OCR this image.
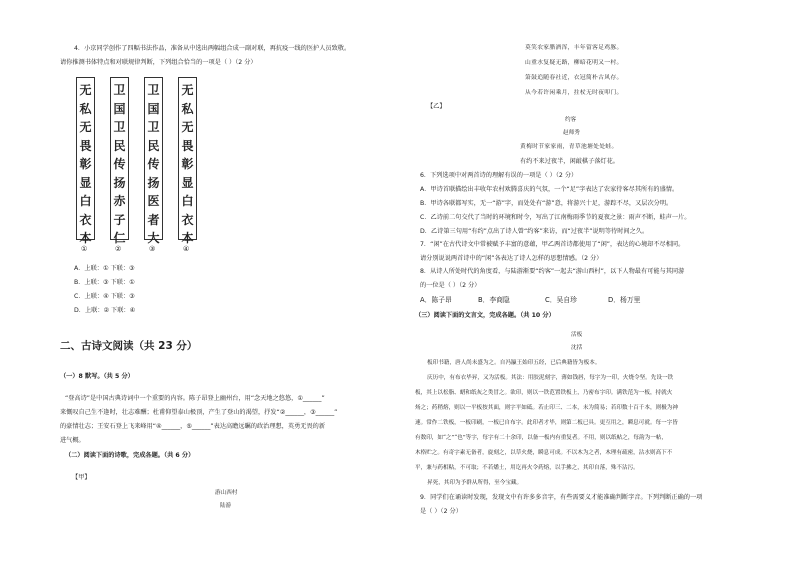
4．小京同学创作了四幅书法作品，准备从中选出两幅组合成一副对联，再抗疫一线的医护人员致敬。
请你推测书体特点和对联规律判断，下列组合恰当的一项是（ ）（2 分）
无
私
无
畏
彰
显
白
衣
本
卫
国
卫
民
传
扬
赤
子
仁
卫
国
卫
民
传
扬
医
者
大
无
私
无
畏
彰
显
白
衣
本
①	②	③	④
A．上联：① 下联：③
B．上联：③ 下联：①
C．上联：④ 下联：③
D．上联：② 下联：④
二、古诗文阅读（共 23 分）
（一）8 默写。（共 5 分）
“登高诗”是中国古典诗词中一个重要的内容。陈子昂登上幽州台，用“念天地之悠悠，①______”
来慨叹自己生不逢时，壮志难酬；杜甫仰望泰山极顶，产生了登山的渴望，抒发“②______，③______”
的豪情壮志；王安石登上飞来峰用“④______，⑤______”表达高瞻远瞩的政治理想，英勇无畏的新
进气概。
（二）阅读下面的诗歌，完成各题。（共 6 分）
【甲】
游山西村
陆游
莫笑农家腊酒浑，丰年留客足鸡豚。
山重水复疑无路，柳暗花明又一村。
箫鼓追随春社近，衣冠简朴古风存。
从今若许闲乘月，拄杖无时夜叩门。
【乙】
约客
赵师秀
黄梅时节家家雨，青草池塘处处蛙。
有约不来过夜半，闲敲棋子落灯花。
6．下列选项中对两首诗的理解有误的一项是（ ）（2 分）
A．甲诗首联描绘出丰收年农村欢腾喜庆的气氛，一个“足”字表达了农家待客尽其所有的盛情。
B．甲诗各联都写实，无一“游”字，而处处有“游”意，将游兴十足，游踪不尽，又层次分明。
C．乙诗前二句交代了当时的环境和时令，写出了江南梅雨季节的夏夜之景：雨声不断，蛙声一片。
D．乙诗第三句用“有约”点出了诗人曾“约客”来访，而“过夜半”说明等待时间之久。
7．“闲”在古代诗文中常被赋予丰富的意蕴，甲乙两首诗都使用了“闲”，表达的心境却不尽相同。
请分别说说两首诗中的“闲”各表达了诗人怎样的思想情感。（2 分）
8．从诗人所处时代的角度看，与陆游渐要“约客”一起去“游山西村”，以下人物最有可能与其同游
的一位是（ ）（2 分）
A．陈子昂	B．李商隐	C．吴自珍	D．杨万里
（三）阅读下面的文言文，完成各题。（共 10 分）
活板
沈括
板印书籍，唐人尚未盛为之。自冯瀛王始印五经，已后典籍皆为板本。
庆历中，有布衣毕昇，又为活板。其法：用胶泥刻字，薄如钱唇，每字为一印，火烧令坚。先设一铁
板，其上以松脂、蜡和纸灰之类冒之。欲印，则以一铁范置铁板上，乃密布字印。满铁范为一板，持就火
炀之；药稍熔，则以一平板按其面，则字平如砥。若止印三、二本，未为简易；若印数十百千本，则极为神
速。常作二铁板，一板印刷，一板已自布字。此印者才毕，则第二板已具。更互用之，瞬息可就。每一字皆
有数印，如“之”“也”等字，每字有二十余印，以备一板内有重复者。不用，则以纸帖之，每韵为一帖，
木格贮之。有奇字素无备者，旋刻之，以草火烧，瞬息可成。不以木为之者，木理有疏密，沾水则高下不
平，兼与药相粘，不可取；不若燔土，用讫再火令药熔，以手拂之，其印自落，殊不沾污。
昇死，其印为予群从所得，至今宝藏。
9．同学们在诵读时发现，发现文中有许多多音字，有些需要义才能准确判断字音。下列判断正确的一项
是（ ）（2 分）
